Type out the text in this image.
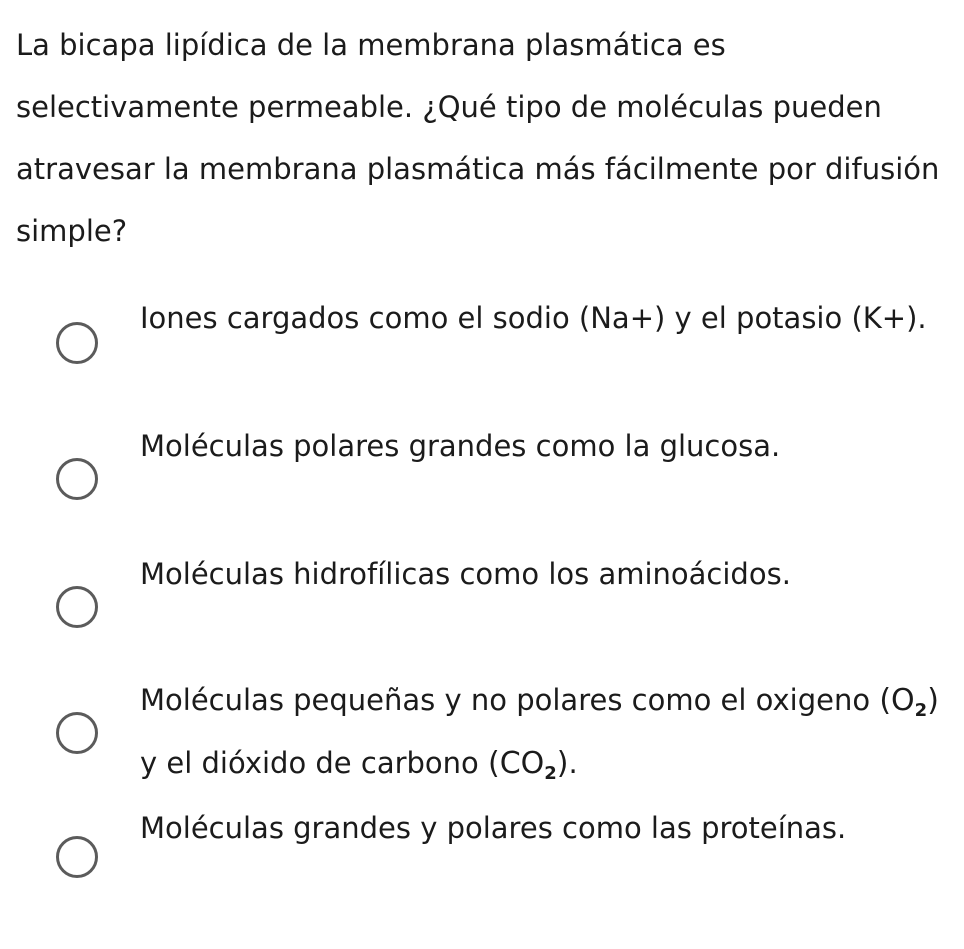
La bicapa lipídica de la membrana plasmática es selectivamente permeable. ¿Qué tipo de moléculas pueden atravesar la membrana plasmática más fácilmente por difusión simple?

Iones cargados como el sodio (Na+) y el potasio (K+).

Moléculas polares grandes como la glucosa.

Moléculas hidrofílicas como los aminoácidos.

Moléculas pequeñas y no polares como el oxigeno $(O_2)$ y el dióxido de carbono $(CO_2)$.

Moléculas grandes y polares como las proteínas.
